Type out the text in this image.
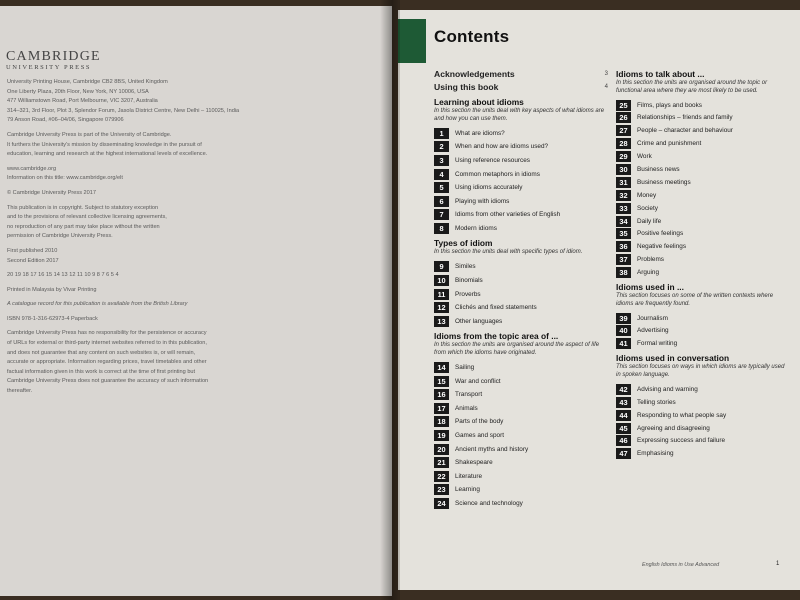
CAMBRIDGE
UNIVERSITY PRESS
University Printing House, Cambridge CB2 8BS, United Kingdom
One Liberty Plaza, 20th Floor, New York, NY 10006, USA
477 Williamstown Road, Port Melbourne, VIC 3207, Australia
314–321, 3rd Floor, Plot 3, Splendor Forum, Jasola District Centre, New Delhi – 110025, India
79 Anson Road, #06–04/06, Singapore 079906
Cambridge University Press is part of the University of Cambridge.
It furthers the University's mission by disseminating knowledge in the pursuit of
education, learning and research at the highest international levels of excellence.
www.cambridge.org
Information on this title: www.cambridge.org/elt
© Cambridge University Press 2017
This publication is in copyright. Subject to statutory exception
and to the provisions of relevant collective licensing agreements,
no reproduction of any part may take place without the written
permission of Cambridge University Press.
First published 2010
Second Edition 2017
20 19 18 17 16 15 14 13 12 11 10 9 8 7 6 5 4
Printed in Malaysia by Vivar Printing
A catalogue record for this publication is available from the British Library
ISBN 978-1-316-62973-4 Paperback
Cambridge University Press has no responsibility for the persistence or accuracy
of URLs for external or third-party internet websites referred to in this publication,
and does not guarantee that any content on such websites is, or will remain,
accurate or appropriate. Information regarding prices, travel timetables and other
factual information given in this work is correct at the time of first printing but
Cambridge University Press does not guarantee the accuracy of such information
thereafter.
Contents
Acknowledgements	3
Using this book	4
Learning about idioms
In this section the units deal with key aspects of what idioms are and how you can use them.
1	What are idioms?
2	When and how are idioms used?
3	Using reference resources
4	Common metaphors in idioms
5	Using idioms accurately
6	Playing with idioms
7	Idioms from other varieties of English
8	Modern idioms
Types of idiom
In this section the units deal with specific types of idiom.
9	Similes
10	Binomials
11	Proverbs
12	Clichés and fixed statements
13	Other languages
Idioms from the topic area of ...
In this section the units are organised around the aspect of life from which the idioms have originated.
14	Sailing
15	War and conflict
16	Transport
17	Animals
18	Parts of the body
19	Games and sport
20	Ancient myths and history
21	Shakespeare
22	Literature
23	Learning
24	Science and technology
Idioms to talk about ...
In this section the units are organised around the topic or functional area where they are most likely to be used.
25	Films, plays and books
26	Relationships – friends and family
27	People – character and behaviour
28	Crime and punishment
29	Work
30	Business news
31	Business meetings
32	Money
33	Society
34	Daily life
35	Positive feelings
36	Negative feelings
37	Problems
38	Arguing
Idioms used in ...
This section focuses on some of the written contexts where idioms are frequently found.
39	Journalism
40	Advertising
41	Formal writing
Idioms used in conversation
This section focuses on ways in which idioms are typically used in spoken language.
42	Advising and warning
43	Telling stories
44	Responding to what people say
45	Agreeing and disagreeing
46	Expressing success and failure
47	Emphasising
English Idioms in Use Advanced	1
